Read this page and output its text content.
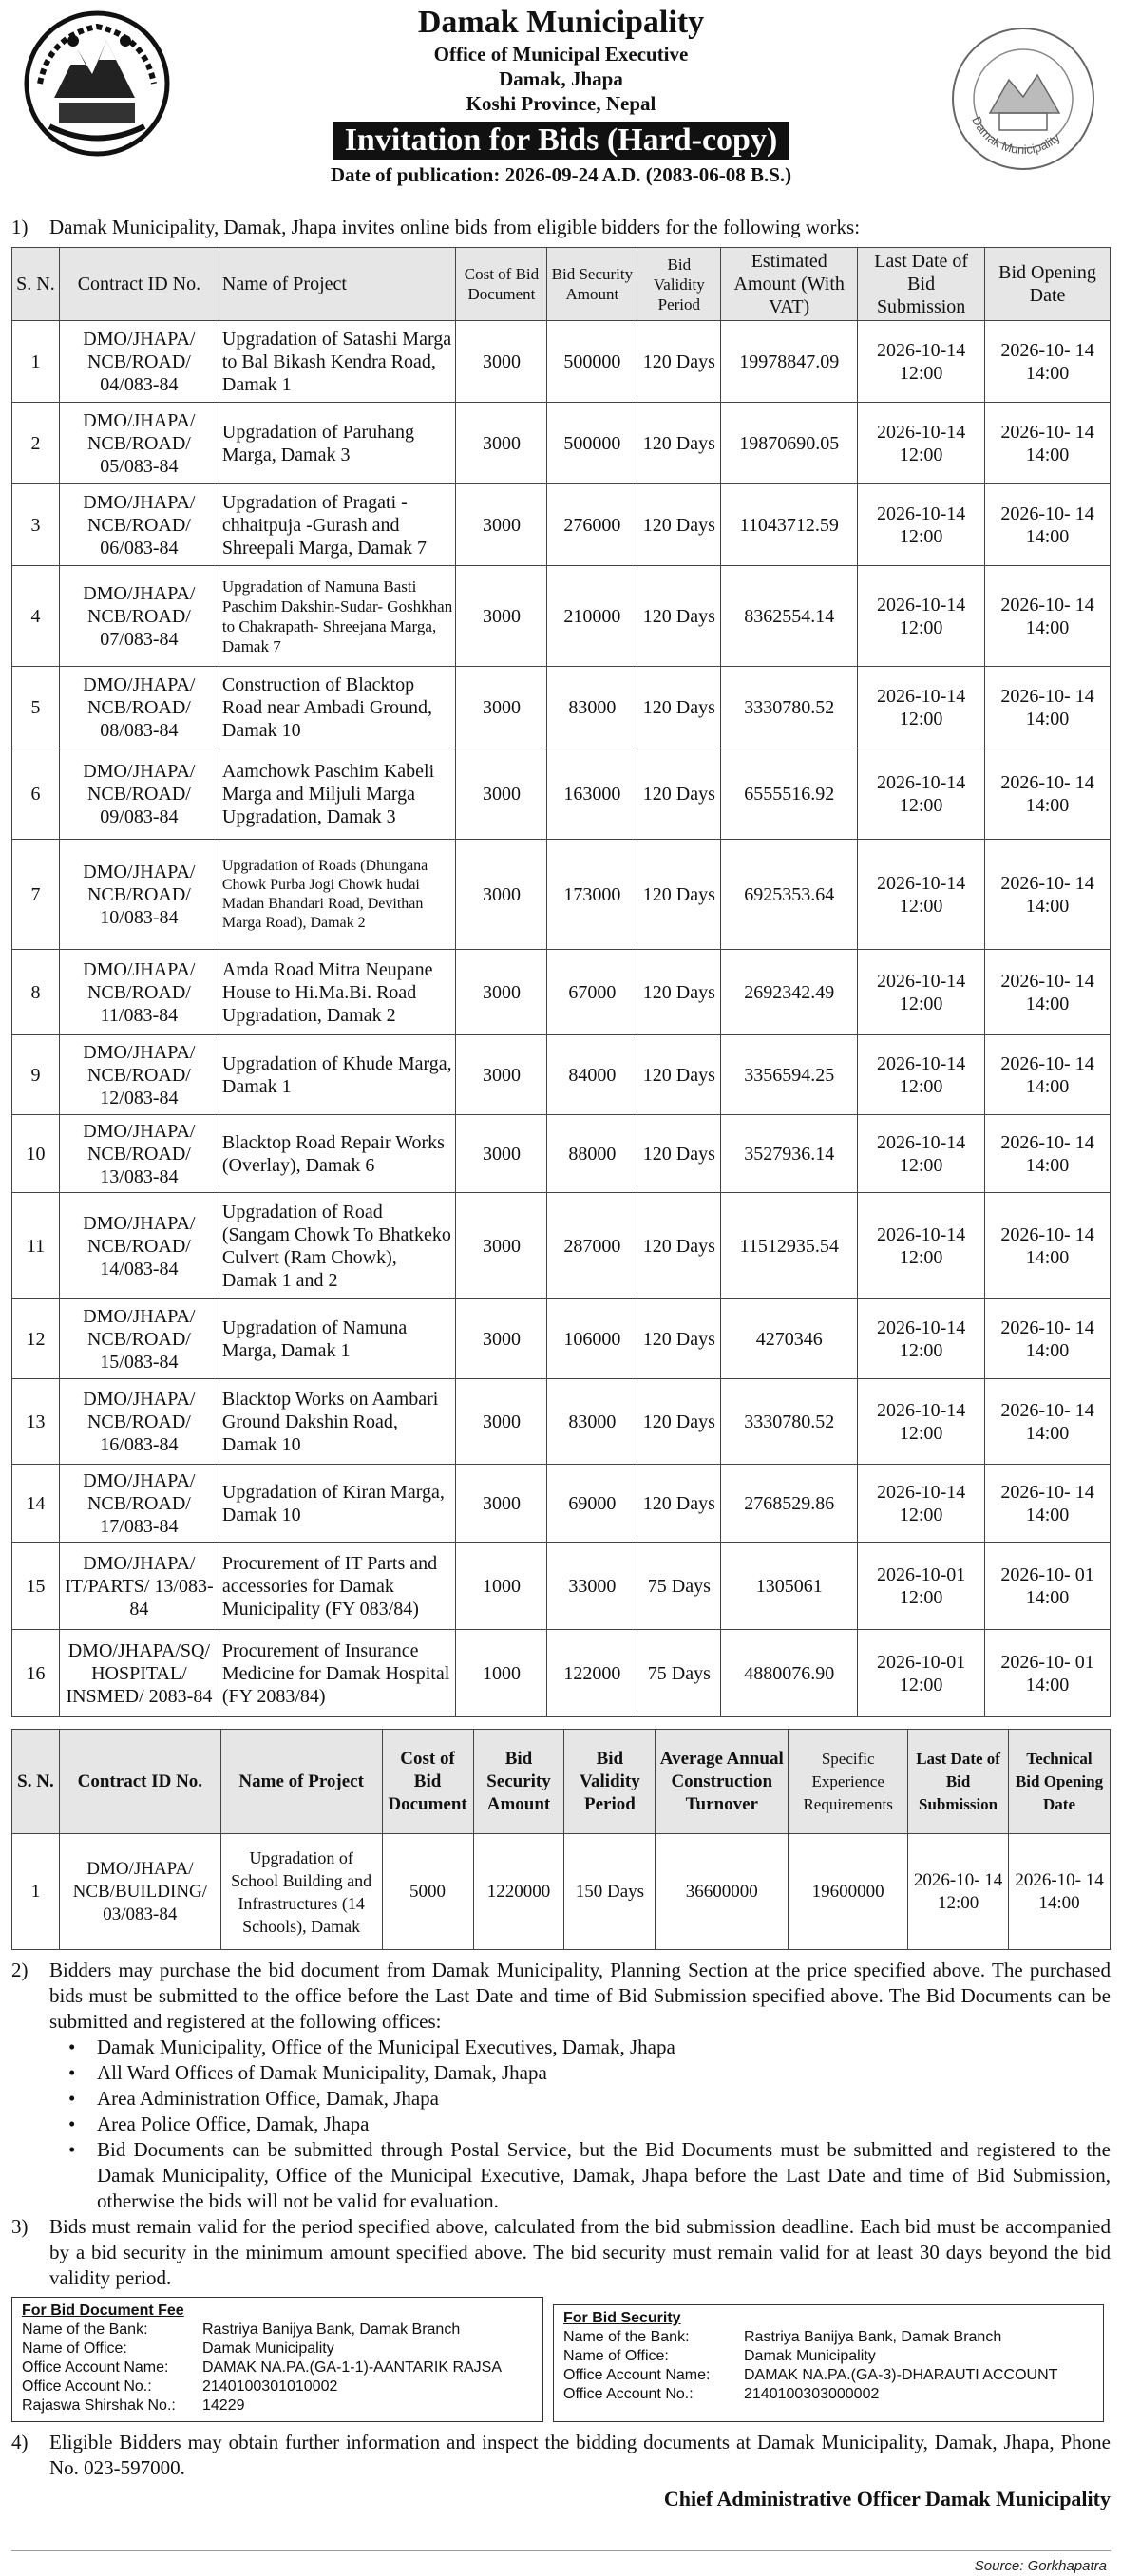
Damak Municipality
Office of Municipal Executive
Damak, Jhapa
Koshi Province, Nepal
Invitation for Bids (Hard-copy)
Date of publication: 2026-09-24 A.D. (2083-06-08 B.S.)
Damak Municipality
1) Damak Municipality, Damak, Jhapa invites online bids from eligible bidders for the following works:
S. N.	Contract ID No.	Name of Project	Cost of Bid Document	Bid Security Amount	Bid Validity Period	Estimated Amount (With VAT)	Last Date of Bid Submission	Bid Opening Date
1	DMO/JHAPA/ NCB/ROAD/ 04/083-84	Upgradation of Satashi Marga to Bal Bikash Kendra Road, Damak 1	3000	500000	120 Days	19978847.09	2026-10-14 12:00	2026-10- 14 14:00
2	DMO/JHAPA/ NCB/ROAD/ 05/083-84	Upgradation of Paruhang Marga, Damak 3	3000	500000	120 Days	19870690.05	2026-10-14 12:00	2026-10- 14 14:00
3	DMO/JHAPA/ NCB/ROAD/ 06/083-84	Upgradation of Pragati - chhaitpuja -Gurash and Shreepali Marga, Damak 7	3000	276000	120 Days	11043712.59	2026-10-14 12:00	2026-10- 14 14:00
4	DMO/JHAPA/ NCB/ROAD/ 07/083-84	Upgradation of Namuna Basti Paschim Dakshin-Sudar- Goshkhan to Chakrapath- Shreejana Marga, Damak 7	3000	210000	120 Days	8362554.14	2026-10-14 12:00	2026-10- 14 14:00
5	DMO/JHAPA/ NCB/ROAD/ 08/083-84	Construction of Blacktop Road near Ambadi Ground, Damak 10	3000	83000	120 Days	3330780.52	2026-10-14 12:00	2026-10- 14 14:00
6	DMO/JHAPA/ NCB/ROAD/ 09/083-84	Aamchowk Paschim Kabeli Marga and Miljuli Marga Upgradation, Damak 3	3000	163000	120 Days	6555516.92	2026-10-14 12:00	2026-10- 14 14:00
7	DMO/JHAPA/ NCB/ROAD/ 10/083-84	Upgradation of Roads (Dhungana Chowk Purba Jogi Chowk hudai Madan Bhandari Road, Devithan Marga Road), Damak 2	3000	173000	120 Days	6925353.64	2026-10-14 12:00	2026-10- 14 14:00
8	DMO/JHAPA/ NCB/ROAD/ 11/083-84	Amda Road Mitra Neupane House to Hi.Ma.Bi. Road Upgradation, Damak 2	3000	67000	120 Days	2692342.49	2026-10-14 12:00	2026-10- 14 14:00
9	DMO/JHAPA/ NCB/ROAD/ 12/083-84	Upgradation of Khude Marga, Damak 1	3000	84000	120 Days	3356594.25	2026-10-14 12:00	2026-10- 14 14:00
10	DMO/JHAPA/ NCB/ROAD/ 13/083-84	Blacktop Road Repair Works (Overlay), Damak 6	3000	88000	120 Days	3527936.14	2026-10-14 12:00	2026-10- 14 14:00
11	DMO/JHAPA/ NCB/ROAD/ 14/083-84	Upgradation of Road (Sangam Chowk To Bhatkeko Culvert (Ram Chowk), Damak 1 and 2	3000	287000	120 Days	11512935.54	2026-10-14 12:00	2026-10- 14 14:00
12	DMO/JHAPA/ NCB/ROAD/ 15/083-84	Upgradation of Namuna Marga, Damak 1	3000	106000	120 Days	4270346	2026-10-14 12:00	2026-10- 14 14:00
13	DMO/JHAPA/ NCB/ROAD/ 16/083-84	Blacktop Works on Aambari Ground Dakshin Road, Damak 10	3000	83000	120 Days	3330780.52	2026-10-14 12:00	2026-10- 14 14:00
14	DMO/JHAPA/ NCB/ROAD/ 17/083-84	Upgradation of Kiran Marga, Damak 10	3000	69000	120 Days	2768529.86	2026-10-14 12:00	2026-10- 14 14:00
15	DMO/JHAPA/ IT/PARTS/ 13/083-84	Procurement of IT Parts and accessories for Damak Municipality (FY 083/84)	1000	33000	75 Days	1305061	2026-10-01 12:00	2026-10- 01 14:00
16	DMO/JHAPA/SQ/ HOSPITAL/ INSMED/ 2083-84	Procurement of Insurance Medicine for Damak Hospital (FY 2083/84)	1000	122000	75 Days	4880076.90	2026-10-01 12:00	2026-10- 01 14:00
S. N.	Contract ID No.	Name of Project	Cost of Bid Document	Bid Security Amount	Bid Validity Period	Average Annual Construction Turnover	Specific Experience Requirements	Last Date of Bid Submission	Technical Bid Opening Date
1	DMO/JHAPA/ NCB/BUILDING/ 03/083-84	Upgradation of School Building and Infrastructures (14 Schools), Damak	5000	1220000	150 Days	36600000	19600000	2026-10- 14 12:00	2026-10- 14 14:00
2)	Bidders may purchase the bid document from Damak Municipality, Planning Section at the price specified above. The purchased bids must be submitted to the office before the Last Date and time of Bid Submission specified above. The Bid Documents can be submitted and registered at the following offices:
• Damak Municipality, Office of the Municipal Executives, Damak, Jhapa
• All Ward Offices of Damak Municipality, Damak, Jhapa
• Area Administration Office, Damak, Jhapa
• Area Police Office, Damak, Jhapa
• Bid Documents can be submitted through Postal Service, but the Bid Documents must be submitted and registered to the Damak Municipality, Office of the Municipal Executive, Damak, Jhapa before the Last Date and time of Bid Submission, otherwise the bids will not be valid for evaluation.
3)	Bids must remain valid for the period specified above, calculated from the bid submission deadline. Each bid must be accompanied by a bid security in the minimum amount specified above. The bid security must remain valid for at least 30 days beyond the bid validity period.
For Bid Document Fee
Name of the Bank:	Rastriya Banijya Bank, Damak Branch
Name of Office:	Damak Municipality
Office Account Name:	DAMAK NA.PA.(GA-1-1)-AANTARIK RAJSA
Office Account No.:	2140100301010002
Rajaswa Shirshak No.:	14229
For Bid Security
Name of the Bank:	Rastriya Banijya Bank, Damak Branch
Name of Office:	Damak Municipality
Office Account Name:	DAMAK NA.PA.(GA-3)-DHARAUTI ACCOUNT
Office Account No.:	2140100303000002
4)	Eligible Bidders may obtain further information and inspect the bidding documents at Damak Municipality, Damak, Jhapa, Phone No. 023-597000.
Chief Administrative Officer Damak Municipality
Source: Gorkhapatra
